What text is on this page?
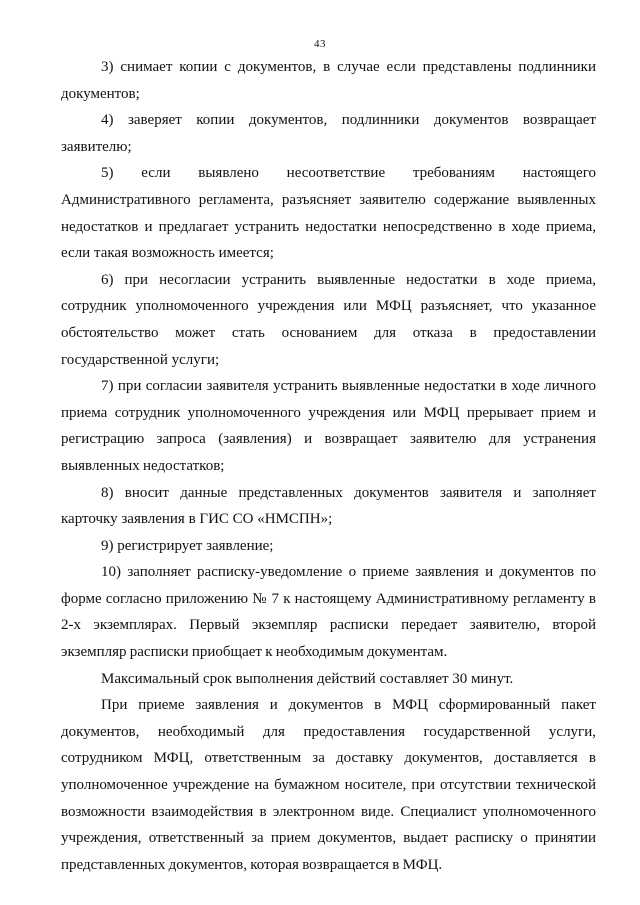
43

3) снимает копии с документов, в случае если представлены подлинники документов;

4) заверяет копии документов, подлинники документов возвращает заявителю;

5) если выявлено несоответствие требованиям настоящего Административного регламента, разъясняет заявителю содержание выявленных недостатков и предлагает устранить недостатки непосредственно в ходе приема, если такая возможность имеется;

6) при несогласии устранить выявленные недостатки в ходе приема, сотрудник уполномоченного учреждения или МФЦ разъясняет, что указанное обстоятельство может стать основанием для отказа в предоставлении государственной услуги;

7) при согласии заявителя устранить выявленные недостатки в ходе личного приема сотрудник уполномоченного учреждения или МФЦ прерывает прием и регистрацию запроса (заявления) и возвращает заявителю для устранения выявленных недостатков;

8) вносит данные представленных документов заявителя и заполняет карточку заявления в ГИС СО «НМСПН»;

9) регистрирует заявление;

10) заполняет расписку-уведомление о приеме заявления и документов по форме согласно приложению № 7 к настоящему Административному регламенту в 2-х экземплярах. Первый экземпляр расписки передает заявителю, второй экземпляр расписки приобщает к необходимым документам.

Максимальный срок выполнения действий составляет 30 минут.

При приеме заявления и документов в МФЦ сформированный пакет документов, необходимый для предоставления государственной услуги, сотрудником МФЦ, ответственным за доставку документов, доставляется в уполномоченное учреждение на бумажном носителе, при отсутствии технической возможности взаимодействия в электронном виде. Специалист уполномоченного учреждения, ответственный за прием документов, выдает расписку о принятии представленных документов, которая возвращается в МФЦ.
